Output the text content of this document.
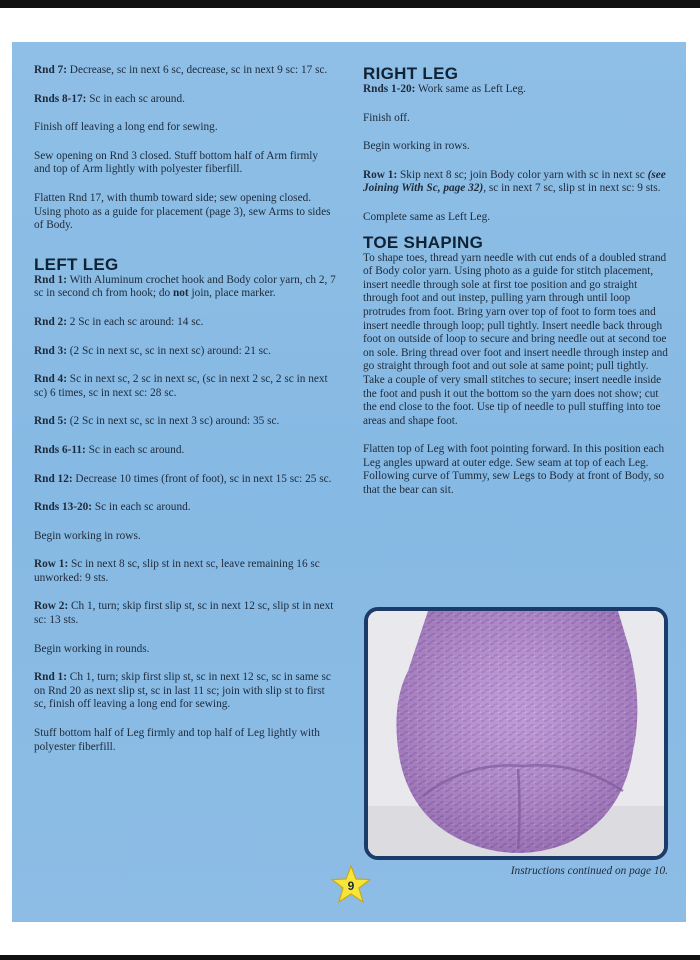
Rnd 7: Decrease, sc in next 6 sc, decrease, sc in next 9 sc: 17 sc.

Rnds 8-17: Sc in each sc around.

Finish off leaving a long end for sewing.

Sew opening on Rnd 3 closed. Stuff bottom half of Arm firmly and top of Arm lightly with polyester fiberfill.

Flatten Rnd 17, with thumb toward side; sew opening closed. Using photo as a guide for placement (page 3), sew Arms to sides of Body.

LEFT LEG

Rnd 1: With Aluminum crochet hook and Body color yarn, ch 2, 7 sc in second ch from hook; do not join, place marker.

Rnd 2: 2 Sc in each sc around: 14 sc.

Rnd 3: (2 Sc in next sc, sc in next sc) around: 21 sc.

Rnd 4: Sc in next sc, 2 sc in next sc, (sc in next 2 sc, 2 sc in next sc) 6 times, sc in next sc: 28 sc.

Rnd 5: (2 Sc in next sc, sc in next 3 sc) around: 35 sc.

Rnds 6-11: Sc in each sc around.

Rnd 12: Decrease 10 times (front of foot), sc in next 15 sc: 25 sc.

Rnds 13-20: Sc in each sc around.

Begin working in rows.

Row 1: Sc in next 8 sc, slip st in next sc, leave remaining 16 sc unworked: 9 sts.

Row 2: Ch 1, turn; skip first slip st, sc in next 12 sc, slip st in next sc: 13 sts.

Begin working in rounds.

Rnd 1: Ch 1, turn; skip first slip st, sc in next 12 sc, sc in same sc on Rnd 20 as next slip st, sc in last 11 sc; join with slip st to first sc, finish off leaving a long end for sewing.

Stuff bottom half of Leg firmly and top half of Leg lightly with polyester fiberfill.

RIGHT LEG

Rnds 1-20: Work same as Left Leg.

Finish off.

Begin working in rows.

Row 1: Skip next 8 sc; join Body color yarn with sc in next sc (see Joining With Sc, page 32), sc in next 7 sc, slip st in next sc: 9 sts.

Complete same as Left Leg.

TOE SHAPING

To shape toes, thread yarn needle with cut ends of a doubled strand of Body color yarn. Using photo as a guide for stitch placement, insert needle through sole at first toe position and go straight through foot and out instep, pulling yarn through until loop protrudes from foot. Bring yarn over top of foot to form toes and insert needle through loop; pull tightly. Insert needle back through foot on outside of loop to secure and bring needle out at second toe on sole. Bring thread over foot and insert needle through instep and go straight through foot and out sole at same point; pull tightly. Take a couple of very small stitches to secure; insert needle inside the foot and push it out the bottom so the yarn does not show; cut the end close to the foot. Use tip of needle to pull stuffing into toe areas and shape foot.

Flatten top of Leg with foot pointing forward. In this position each Leg angles upward at outer edge. Sew seam at top of each Leg. Following curve of Tummy, sew Legs to Body at front of Body, so that the bear can sit.

Instructions continued on page 10.
9
